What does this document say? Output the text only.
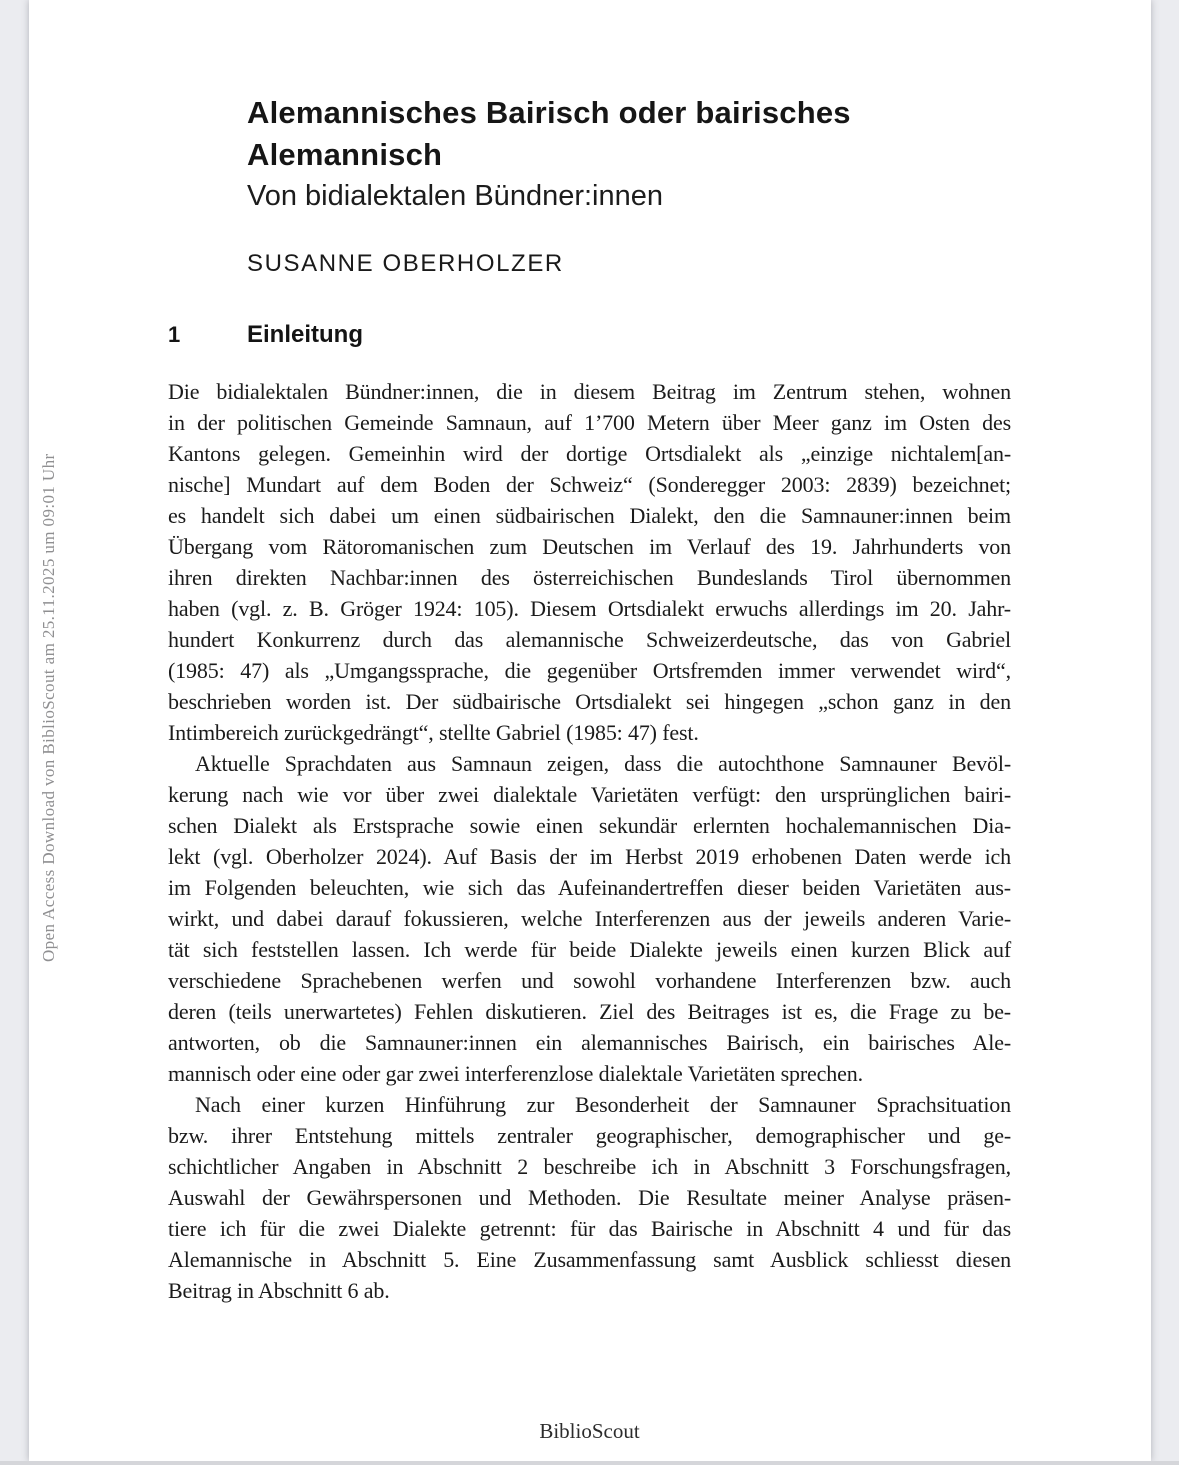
Open Access Download von BiblioScout am 25.11.2025 um 09:01 Uhr
Alemannisches Bairisch oder bairisches
Alemannisch
Von bidialektalen Bündner:innen
SUSANNE OBERHOLZER
1	Einleitung
Die bidialektalen Bündner:innen, die in diesem Beitrag im Zentrum stehen, wohnen
in der politischen Gemeinde Samnaun, auf 1’700 Metern über Meer ganz im Osten des
Kantons gelegen. Gemeinhin wird der dortige Ortsdialekt als „einzige nichtalem[an-
nische] Mundart auf dem Boden der Schweiz“ (Sonderegger 2003: 2839) bezeichnet;
es handelt sich dabei um einen südbairischen Dialekt, den die Samnauner:innen beim
Übergang vom Rätoromanischen zum Deutschen im Verlauf des 19. Jahrhunderts von
ihren direkten Nachbar:innen des österreichischen Bundeslands Tirol übernommen
haben (vgl. z. B. Gröger 1924: 105). Diesem Ortsdialekt erwuchs allerdings im 20. Jahr-
hundert Konkurrenz durch das alemannische Schweizerdeutsche, das von Gabriel
(1985: 47) als „Umgangssprache, die gegenüber Ortsfremden immer verwendet wird“,
beschrieben worden ist. Der südbairische Ortsdialekt sei hingegen „schon ganz in den
Intimbereich zurückgedrängt“, stellte Gabriel (1985: 47) fest.
Aktuelle Sprachdaten aus Samnaun zeigen, dass die autochthone Samnauner Bevöl-
kerung nach wie vor über zwei dialektale Varietäten verfügt: den ursprünglichen bairi-
schen Dialekt als Erstsprache sowie einen sekundär erlernten hochalemannischen Dia-
lekt (vgl. Oberholzer 2024). Auf Basis der im Herbst 2019 erhobenen Daten werde ich
im Folgenden beleuchten, wie sich das Aufeinandertreffen dieser beiden Varietäten aus-
wirkt, und dabei darauf fokussieren, welche Interferenzen aus der jeweils anderen Varie-
tät sich feststellen lassen. Ich werde für beide Dialekte jeweils einen kurzen Blick auf
verschiedene Sprachebenen werfen und sowohl vorhandene Interferenzen bzw. auch
deren (teils unerwartetes) Fehlen diskutieren. Ziel des Beitrages ist es, die Frage zu be-
antworten, ob die Samnauner:innen ein alemannisches Bairisch, ein bairisches Ale-
mannisch oder eine oder gar zwei interferenzlose dialektale Varietäten sprechen.
Nach einer kurzen Hinführung zur Besonderheit der Samnauner Sprachsituation
bzw. ihrer Entstehung mittels zentraler geographischer, demographischer und ge-
schichtlicher Angaben in Abschnitt 2 beschreibe ich in Abschnitt 3 Forschungsfragen,
Auswahl der Gewährspersonen und Methoden. Die Resultate meiner Analyse präsen-
tiere ich für die zwei Dialekte getrennt: für das Bairische in Abschnitt 4 und für das
Alemannische in Abschnitt 5. Eine Zusammenfassung samt Ausblick schliesst diesen
Beitrag in Abschnitt 6 ab.
BiblioScout
